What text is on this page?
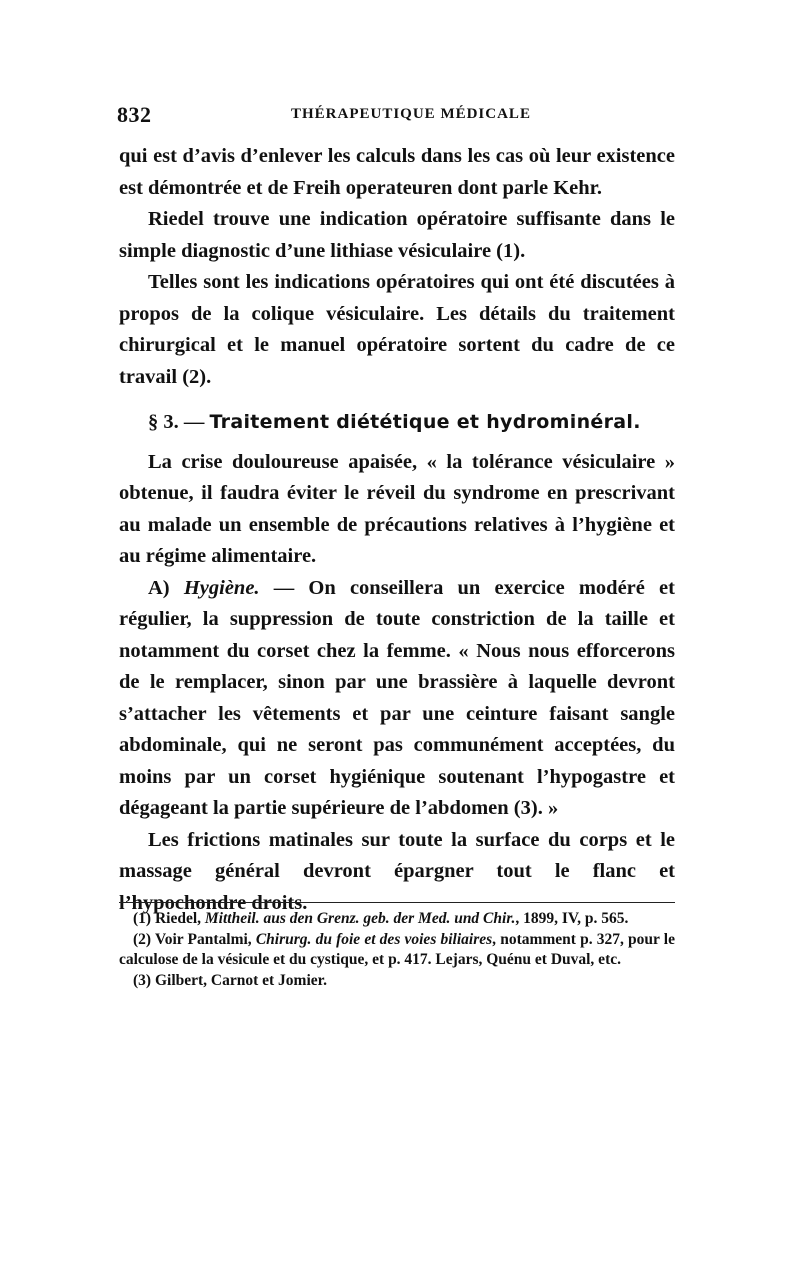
832	THÉRAPEUTIQUE MÉDICALE

qui est d’avis d’enlever les calculs dans les cas où leur existence est démontrée et de Freih operateuren dont parle Kehr.

Riedel trouve une indication opératoire suffisante dans le simple diagnostic d’une lithiase vésiculaire (1).

Telles sont les indications opératoires qui ont été discutées à propos de la colique vésiculaire. Les détails du traitement chirurgical et le manuel opératoire sortent du cadre de ce travail (2).

§ 3. — Traitement diététique et hydrominéral.

La crise douloureuse apaisée, « la tolérance vésiculaire » obtenue, il faudra éviter le réveil du syndrome en prescrivant au malade un ensemble de précautions relatives à l’hygiène et au régime alimentaire.

A) Hygiène. — On conseillera un exercice modéré et régulier, la suppression de toute constriction de la taille et notamment du corset chez la femme. « Nous nous efforcerons de le remplacer, sinon par une brassière à laquelle devront s’attacher les vêtements et par une ceinture faisant sangle abdominale, qui ne seront pas communément acceptées, du moins par un corset hygiénique soutenant l’hypogastre et dégageant la partie supérieure de l’abdomen (3). »

Les frictions matinales sur toute la surface du corps et le massage général devront épargner tout le flanc et l’hypochondre droits.

(1) Riedel, Mittheil. aus den Grenz. geb. der Med. und Chir., 1899, IV, p. 565.

(2) Voir Pantalmi, Chirurg. du foie et des voies biliaires, notamment p. 327, pour le calculose de la vésicule et du cystique, et p. 417. Lejars, Quénu et Duval, etc.

(3) Gilbert, Carnot et Jomier.
